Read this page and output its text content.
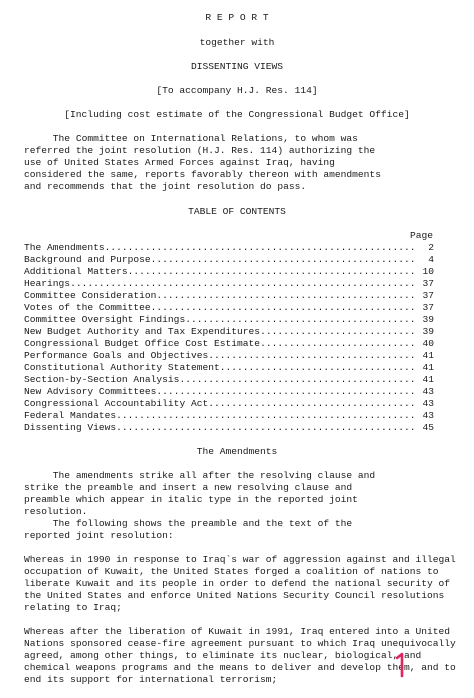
R E P O R T
together with
DISSENTING VIEWS
[To accompany H.J. Res. 114]
[Including cost estimate of the Congressional Budget Office]
The Committee on International Relations, to whom was
referred the joint resolution (H.J. Res. 114) authorizing the
use of United States Armed Forces against Iraq, having
considered the same, reports favorably thereon with amendments
and recommends that the joint resolution do pass.
TABLE OF CONTENTS
Page
The Amendments ...................................................... 2
Background and Purpose .............................................. 4
Additional Matters .................................................. 10
Hearings ............................................................ 37
Committee Consideration ............................................. 37
Votes of the Committee .............................................. 37
Committee Oversight Findings ........................................ 39
New Budget Authority and Tax Expenditures ........................... 39
Congressional Budget Office Cost Estimate ........................... 40
Performance Goals and Objectives .................................... 41
Constitutional Authority Statement .................................. 41
Section-by-Section Analysis ......................................... 41
New Advisory Committees ............................................. 43
Congressional Accountability Act .................................... 43
Federal Mandates .................................................... 43
Dissenting Views .................................................... 45
The Amendments
The amendments strike all after the resolving clause and
strike the preamble and insert a new resolving clause and
preamble which appear in italic type in the reported joint
resolution.
The following shows the preamble and the text of the
reported joint resolution:
Whereas in 1990 in response to Iraq`s war of aggression against and illegal
occupation of Kuwait, the United States forged a coalition of nations to
liberate Kuwait and its people in order to defend the national security of
the United States and enforce United Nations Security Council resolutions
relating to Iraq;
Whereas after the liberation of Kuwait in 1991, Iraq entered into a United
Nations sponsored cease-fire agreement pursuant to which Iraq unequivocally
agreed, among other things, to eliminate its nuclear, biological, and
chemical weapons programs and the means to deliver and develop them, and to
end its support for international terrorism;
